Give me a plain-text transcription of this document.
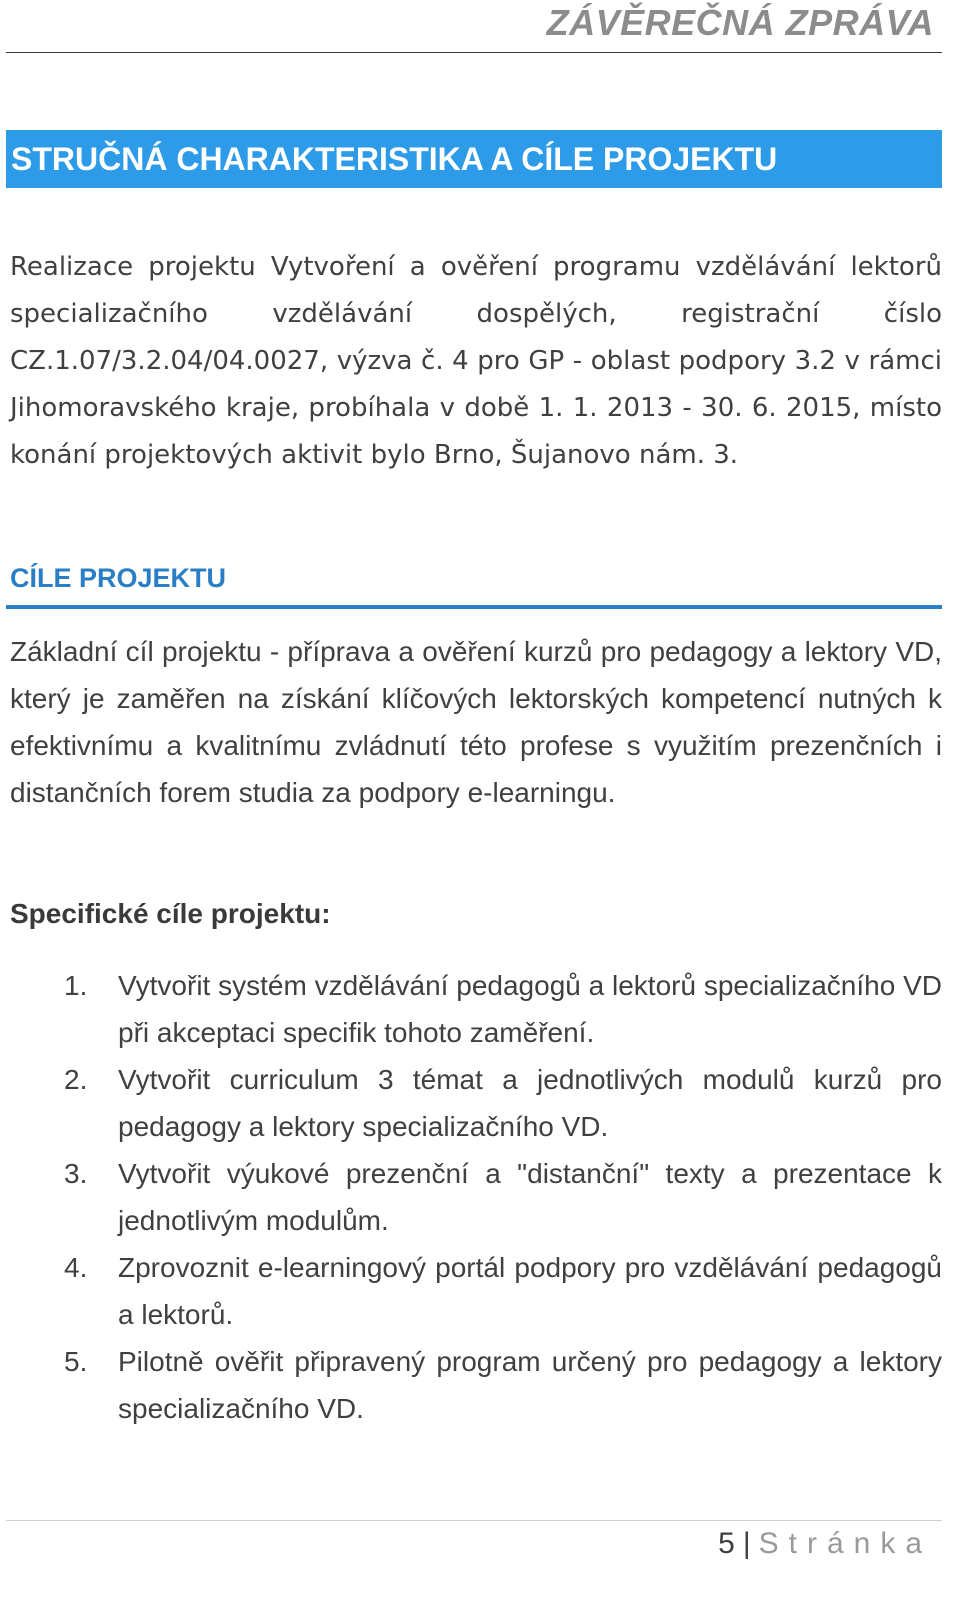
ZÁVĚREČNÁ ZPRÁVA
STRUČNÁ CHARAKTERISTIKA A CÍLE PROJEKTU

Realizace projektu Vytvoření a ověření programu vzdělávání lektorů specializačního vzdělávání dospělých, registrační číslo CZ.1.07/3.2.04/04.0027, výzva č. 4 pro GP - oblast podpory 3.2 v rámci Jihomoravského kraje, probíhala v době 1. 1. 2013 - 30. 6. 2015, místo konání projektových aktivit bylo Brno, Šujanovo nám. 3.

CÍLE PROJEKTU

Základní cíl projektu - příprava a ověření kurzů pro pedagogy a lektory VD, který je zaměřen na získání klíčových lektorských kompetencí nutných k efektivnímu a kvalitnímu zvládnutí této profese s využitím prezenčních i distančních forem studia za podpory e-learningu.

Specifické cíle projektu:
1. Vytvořit systém vzdělávání pedagogů a lektorů specializačního VD při akceptaci specifik tohoto zaměření.
2. Vytvořit curriculum 3 témat a jednotlivých modulů kurzů pro pedagogy a lektory specializačního VD.
3. Vytvořit výukové prezenční a "distanční" texty a prezentace k jednotlivým modulům.
4. Zprovoznit e-learningový portál podpory pro vzdělávání pedagogů a lektorů.
5. Pilotně ověřit připravený program určený pro pedagogy a lektory specializačního VD.
5 | Stránka
